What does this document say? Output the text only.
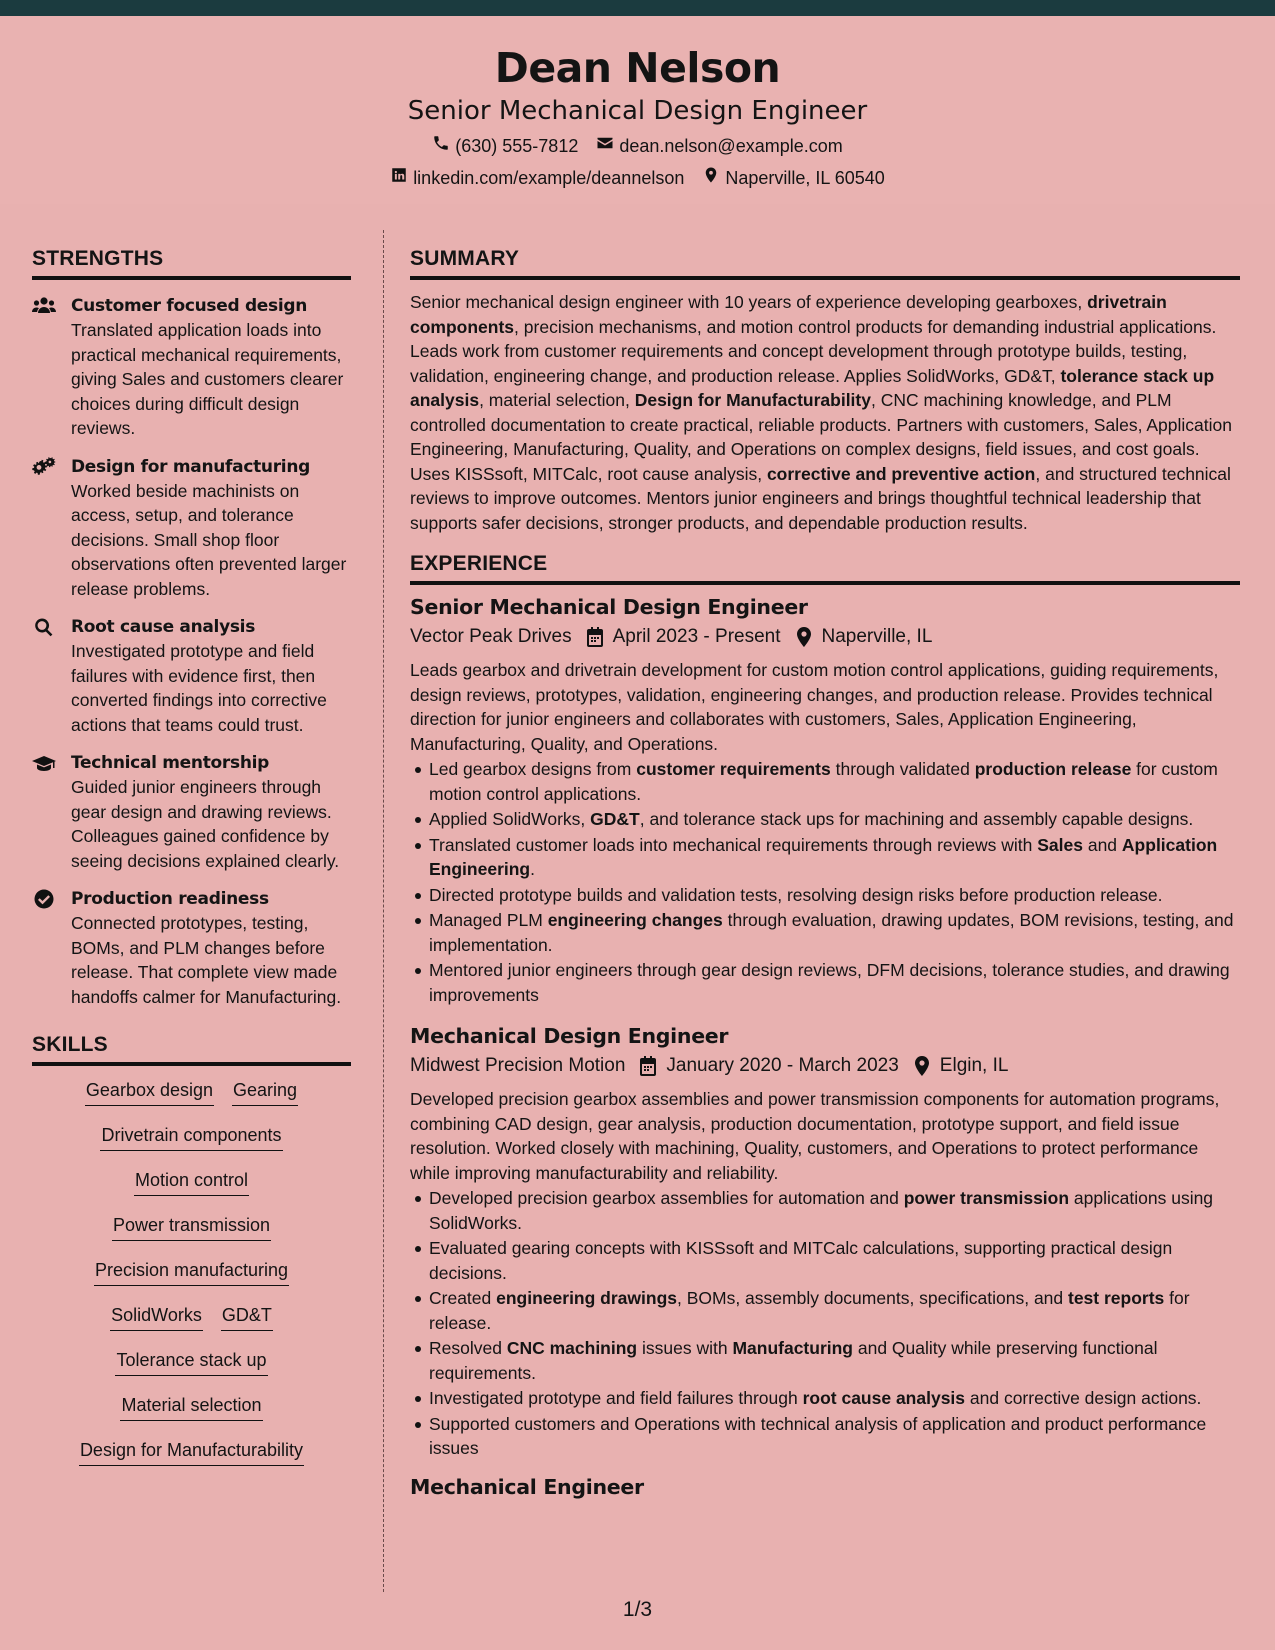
Dean Nelson
Senior Mechanical Design Engineer
(630) 555-7812 dean.nelson@example.com
linkedin.com/example/deannelson Naperville, IL 60540
STRENGTHS
Customer focused design
Translated application loads into practical mechanical requirements, giving Sales and customers clearer choices during difficult design reviews.
Design for manufacturing
Worked beside machinists on access, setup, and tolerance decisions. Small shop floor observations often prevented larger release problems.
Root cause analysis
Investigated prototype and field failures with evidence first, then converted findings into corrective actions that teams could trust.
Technical mentorship
Guided junior engineers through gear design and drawing reviews. Colleagues gained confidence by seeing decisions explained clearly.
Production readiness
Connected prototypes, testing, BOMs, and PLM changes before release. That complete view made handoffs calmer for Manufacturing.
SKILLS
Gearbox design Gearing
Drivetrain components
Motion control
Power transmission
Precision manufacturing
SolidWorks GD&T
Tolerance stack up
Material selection
Design for Manufacturability
SUMMARY
Senior mechanical design engineer with 10 years of experience developing gearboxes, drivetrain components, precision mechanisms, and motion control products for demanding industrial applications. Leads work from customer requirements and concept development through prototype builds, testing, validation, engineering change, and production release. Applies SolidWorks, GD&T, tolerance stack up analysis, material selection, Design for Manufacturability, CNC machining knowledge, and PLM controlled documentation to create practical, reliable products. Partners with customers, Sales, Application Engineering, Manufacturing, Quality, and Operations on complex designs, field issues, and cost goals. Uses KISSsoft, MITCalc, root cause analysis, corrective and preventive action, and structured technical reviews to improve outcomes. Mentors junior engineers and brings thoughtful technical leadership that supports safer decisions, stronger products, and dependable production results.
EXPERIENCE
Senior Mechanical Design Engineer
Vector Peak Drives April 2023 - Present Naperville, IL
Leads gearbox and drivetrain development for custom motion control applications, guiding requirements, design reviews, prototypes, validation, engineering changes, and production release. Provides technical direction for junior engineers and collaborates with customers, Sales, Application Engineering, Manufacturing, Quality, and Operations.
Led gearbox designs from customer requirements through validated production release for custom motion control applications.
Applied SolidWorks, GD&T, and tolerance stack ups for machining and assembly capable designs.
Translated customer loads into mechanical requirements through reviews with Sales and Application Engineering.
Directed prototype builds and validation tests, resolving design risks before production release.
Managed PLM engineering changes through evaluation, drawing updates, BOM revisions, testing, and implementation.
Mentored junior engineers through gear design reviews, DFM decisions, tolerance studies, and drawing improvements
Mechanical Design Engineer
Midwest Precision Motion January 2020 - March 2023 Elgin, IL
Developed precision gearbox assemblies and power transmission components for automation programs, combining CAD design, gear analysis, production documentation, prototype support, and field issue resolution. Worked closely with machining, Quality, customers, and Operations to protect performance while improving manufacturability and reliability.
Developed precision gearbox assemblies for automation and power transmission applications using SolidWorks.
Evaluated gearing concepts with KISSsoft and MITCalc calculations, supporting practical design decisions.
Created engineering drawings, BOMs, assembly documents, specifications, and test reports for release.
Resolved CNC machining issues with Manufacturing and Quality while preserving functional requirements.
Investigated prototype and field failures through root cause analysis and corrective design actions.
Supported customers and Operations with technical analysis of application and product performance issues
Mechanical Engineer
1/3
